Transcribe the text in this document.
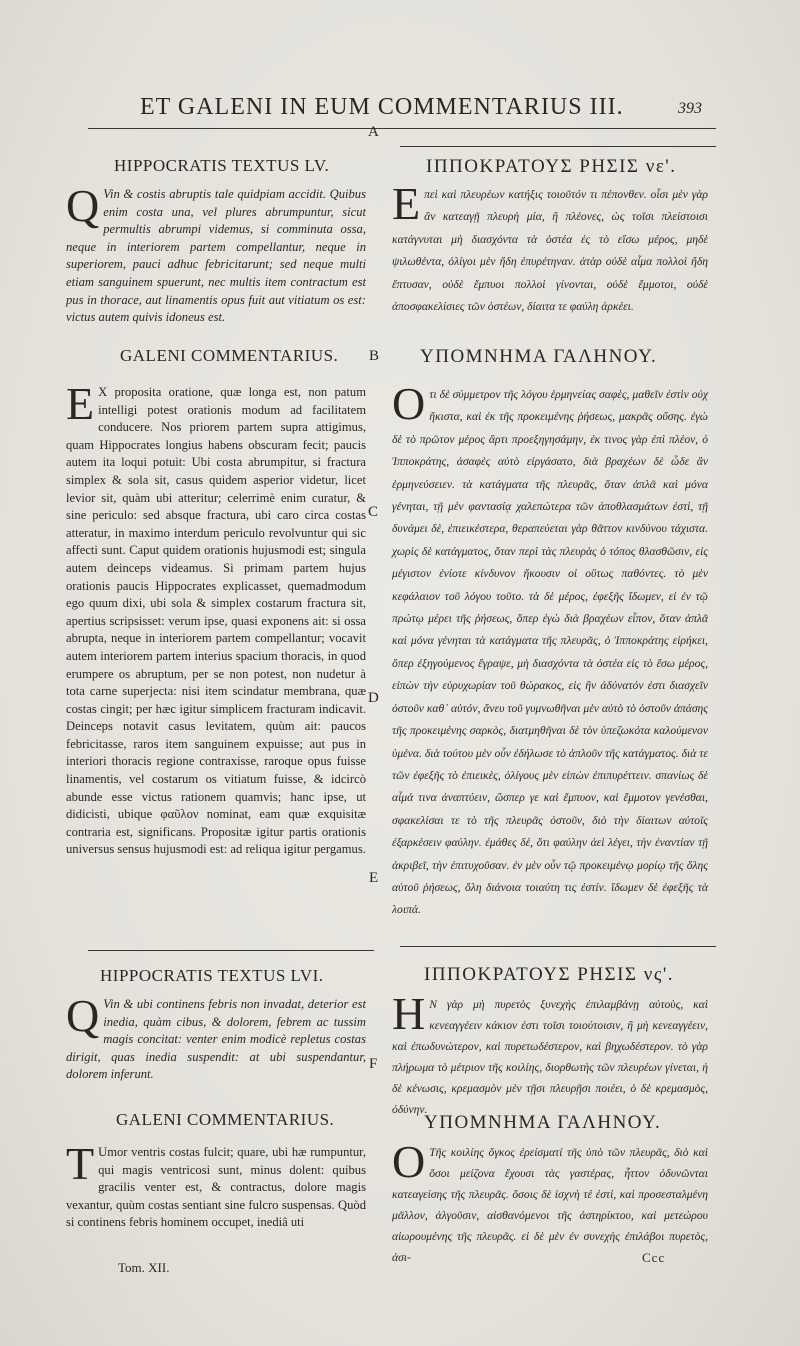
ET GALENI IN EUM COMMENTARIUS III.	393
A
B
C
D
E
F
HIPPOCRATIS TEXTUS LV.
Q Vin & costis abruptis tale quidpiam accidit. Quibus enim costa una, vel plures abrumpuntur, sicut permultis abrumpi videmus, si comminuta ossa, neque in interiorem partem compellantur, neque in superiorem, pauci adhuc febricitarunt; sed neque multi etiam sanguinem spuerunt, nec multis item contractum est pus in thorace, aut linamentis opus fuit aut vitiatum os est: victus autem quivis idoneus est.
GALENI COMMENTARIUS.
E X proposita oratione, quæ longa est, non patum intelligi potest orationis modum ad facilitatem conducere. Nos priorem partem supra attigimus, quam Hippocrates longius habens obscuram fecit; paucis autem ita loqui potuit: Ubi costa abrumpitur, si fractura simplex & sola sit, casus quidem asperior videtur, licet levior sit, quàm ubi atteritur; celerrimè enim curatur, & sine periculo: sed absque fractura, ubi caro circa costas atteratur, in maximo interdum periculo revolvuntur qui sic affecti sunt. Caput quidem orationis hujusmodi est; singula autem deinceps videamus. Si primam partem hujus orationis paucis Hippocrates explicasset, quemadmodum ego quum dixi, ubi sola & simplex costarum fractura sit, apertius scripsisset: verum ipse, quasi exponens ait: si ossa abrupta, neque in interiorem partem compellantur; vocavit autem interiorem partem interius spacium thoracis, in quod erumpere os abruptum, per se non potest, non nudetur à tota carne superjecta: nisi item scindatur membrana, quæ costas cingit; per hæc igitur simplicem fracturam indicavit. Deinceps notavit casus levitatem, quùm ait: paucos febricitasse, raros item sanguinem expuisse; aut pus in interiori thoracis regione contraxisse, raroque opus fuisse linamentis, vel costarum os vitiatum fuisse, & idcircò abunde esse victus rationem quamvis; hanc ipse, ut didicisti, ubique φαῦλον nominat, eam quæ exquisitæ contraria est, significans. Propositæ igitur partis orationis universus sensus hujusmodi est: ad reliqua igitur pergamus.
HIPPOCRATIS TEXTUS LVI.
Q Vin & ubi continens febris non invadat, deterior est inedia, quàm cibus, & dolorem, febrem ac tussim magis concitat: venter enim modicè repletus costas dirigit, quas inedia suspendit: at ubi suspendantur, dolorem inferunt.
GALENI COMMENTARIUS.
T Umor ventris costas fulcit; quare, ubi hæ rumpuntur, qui magis ventricosi sunt, minus dolent: quibus gracilis venter est, & contractus, dolore magis vexantur, quùm costas sentiant sine fulcro suspensas. Quòd si continens febris hominem occupet, inediâ uti
Tom. XII.
ΙΠΠΟΚΡΑΤΟΥΣ ΡΗΣΙΣ νε'.
Επεὶ καὶ πλευρέων κατήξις τοιοῦτόν τι πέπονθεν. οἷσι μὲν γὰρ ἂν κατεαγῇ πλευρὴ μία, ἢ πλέονες, ὡς τοῖσι πλείστοισι κατάγνυται μὴ διασχόντα τὰ ὀστέα ἐς τὸ εἴσω μέρος, μηδὲ ψιλωθέντα, ὀλίγοι μὲν ἤδη ἐπυρέτηναν. ἀτὰρ οὐδὲ αἷμα πολλοὶ ἤδη ἔπτυσαν, οὐδὲ ἔμπυοι πολλοὶ γίνονται, οὐδὲ ἔμμοτοι, οὐδὲ ἀποσφακελίσιες τῶν ὀστέων, δίαιτα τε φαύλη ἀρκέει.
ΥΠΟΜΝΗΜΑ ΓΑΛΗΝΟΥ.
Οτι δὲ σύμμετρον τῆς λόγου ἑρμηνείας σαφὲς, μαθεῖν ἐστὶν οὐχ ἥκιστα, καὶ ἐκ τῆς προκειμένης ῥήσεως, μακρᾶς οὔσης. ἐγὼ δὲ τὸ πρῶτον μέρος ἄρτι προεξηγησάμην, ἐκ τινος γὰρ ἐπὶ πλέον, ὁ Ἱπποκράτης, ἀσαφὲς αὐτὸ εἰργάσατο, διὰ βραχέων δὲ ὧδε ἂν ἑρμηνεύσειεν. τὰ κατάγματα τῆς πλευρᾶς, ὅταν ἁπλᾶ καὶ μόνα γένηται, τῇ μὲν φαντασίᾳ χαλεπώτερα τῶν ἀποθλασμάτων ἐστὶ, τῇ δυνάμει δὲ, ἐπιεικέστερα, θεραπεύεται γὰρ θᾶττον κινδύνου τάχιστα. χωρὶς δὲ κατάγματος, ὅταν περὶ τὰς πλευρὰς ὁ τόπος θλασθῶσιν, εἰς μέγιστον ἐνίοτε κίνδυνον ἥκουσιν οἱ οὕτως παθόντες. τὸ μὲν κεφάλαιον τοῦ λόγου τοῦτο. τὰ δὲ μέρος, ἐφεξῆς ἴδωμεν, εἰ ἐν τῷ πρώτῳ μέρει τῆς ῥήσεως, ὅπερ ἐγὼ διὰ βραχέων εἶπον, ὅταν ἁπλᾶ καὶ μόνα γένηται τὰ κατάγματα τῆς πλευρᾶς, ὁ Ἱπποκράτης εἰρήκει, ὅπερ ἐξηγούμενος ἔγραψε, μὴ διασχόντα τὰ ὀστέα εἰς τὸ ἔσω μέρος, εἰπὼν τὴν εὐρυχωρίαν τοῦ θώρακος, εἰς ἣν ἀδύνατόν ἐστι διασχεῖν ὀστοῦν καθ᾽ αὑτόν, ἄνευ τοῦ γυμνωθῆναι μὲν αὐτὸ τὸ ὀστοῦν ἁπάσης τῆς προκειμένης σαρκὸς, διατμηθῆναι δὲ τὸν ὑπεζωκότα καλούμενον ὑμένα. διὰ τούτου μὲν οὖν ἐδήλωσε τὸ ἁπλοῦν τῆς κατάγματος. διὰ τε τῶν ἐφεξῆς τὸ ἐπιεικὲς, ὀλίγους μὲν εἰπὼν ἐπιπυρέττειν. σπανίως δὲ αἷμά τινα ἀναπτύειν, ὥσπερ γε καὶ ἔμπυον, καὶ ἔμμοτον γενέσθαι, σφακελίσαι τε τὸ τῆς πλευρᾶς ὀστοῦν, διὸ τὴν δίαιτων αὐτοῖς ἐξαρκέσειν φαύλην. ἐμάθες δὲ, ὅτι φαύλην ἀεὶ λέγει, τὴν ἐναντίαν τῇ ἀκριβεῖ, τὴν ἐπιτυχοῦσαν. ἐν μὲν οὖν τῷ προκειμένῳ μορίῳ τῆς ὅλης αὐτοῦ ῥήσεως, ὅλη διάνοια τοιαύτη τις ἐστίν. ἴδωμεν δὲ ἐφεξῆς τὰ λοιπά.
ΙΠΠΟΚΡΑΤΟΥΣ ΡΗΣΙΣ νς'.
Η Ν γὰρ μὴ πυρετὸς ξυνεχὴς ἐπιλαμβάνῃ αὐτοὺς, καὶ κενεαγγέειν κάκιον ἐστι τοῖσι τοιούτοισιν, ἢ μὴ κενεαγγέειν, καὶ ἐπωδυνώτερον, καὶ πυρετωδέστερον, καὶ βηχωδέστερον. τὸ γὰρ πλήρωμα τὸ μέτριον τῆς κοιλίης, διορθωτὴς τῶν πλευρέων γίνεται, ἡ δὲ κένωσις, κρεμασμὸν μὲν τῇσι πλευρῇσι ποιέει, ὁ δὲ κρεμασμὸς, ὀδύνην.
ΥΠΟΜΝΗΜΑ ΓΑΛΗΝΟΥ.
Ο Τῆς κοιλίης ὄγκος ἐρείσματί τῆς ὑπὸ τῶν πλευρᾶς, διὸ καὶ ὅσοι μείζονα ἔχουσι τὰς γαστέρας, ἧττον ὀδυνῶνται κατεαγείσης τῆς πλευρᾶς. ὅσοις δὲ ἰσχνὴ τέ ἐστὶ, καὶ προσεσταλμένη μᾶλλον, ἀλγοῦσιν, αἰσθανόμενοι τῆς ἀστηρίκτου, καὶ μετεώρου αἰωρουμένης τῆς πλευρᾶς. εἰ δὲ μὲν ἐν συνεχὴς ἐπιλάβοι πυρετὸς, ἀσι-	Ccc
